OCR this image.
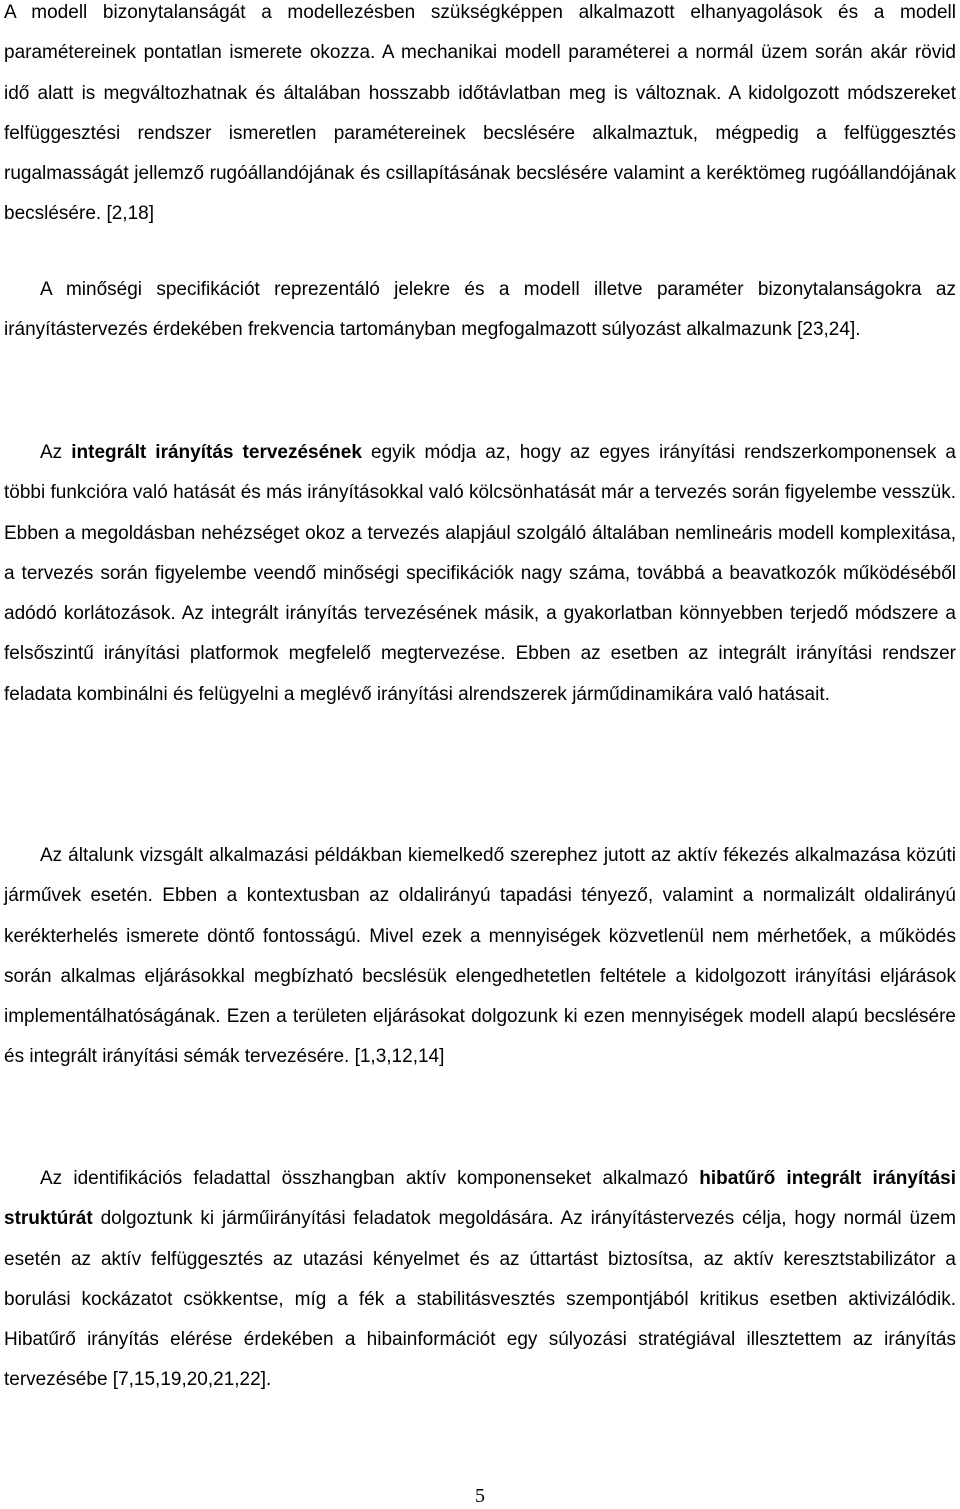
A modell bizonytalanságát a modellezésben szükségképpen alkalmazott elhanyagolások és a modell paramétereinek pontatlan ismerete okozza. A mechanikai modell paraméterei a normál üzem során akár rövid idő alatt is megváltozhatnak és általában hosszabb időtávlatban meg is változnak. A kidolgozott módszereket felfüggesztési rendszer ismeretlen paramétereinek becslésére alkalmaztuk, mégpedig a felfüggesztés rugalmasságát jellemző rugóállandójának és csillapításának becslésére valamint a keréktömeg rugóállandójának becslésére. [2,18]

A minőségi specifikációt reprezentáló jelekre és a modell illetve paraméter bizonytalanságokra az irányítástervezés érdekében frekvencia tartományban megfogalmazott súlyozást alkalmazunk [23,24].

Az integrált irányítás tervezésének egyik módja az, hogy az egyes irányítási rendszerkomponensek a többi funkcióra való hatását és más irányításokkal való kölcsönhatását már a tervezés során figyelembe vesszük. Ebben a megoldásban nehézséget okoz a tervezés alapjául szolgáló általában nemlineáris modell komplexitása, a tervezés során figyelembe veendő minőségi specifikációk nagy száma, továbbá a beavatkozók működéséből adódó korlátozások. Az integrált irányítás tervezésének másik, a gyakorlatban könnyebben terjedő módszere a felsőszintű irányítási platformok megfelelő megtervezése. Ebben az esetben az integrált irányítási rendszer feladata kombinálni és felügyelni a meglévő irányítási alrendszerek járműdinamikára való hatásait.

Az általunk vizsgált alkalmazási példákban kiemelkedő szerephez jutott az aktív fékezés alkalmazása közúti járművek esetén. Ebben a kontextusban az oldalirányú tapadási tényező, valamint a normalizált oldalirányú kerékterhelés ismerete döntő fontosságú. Mivel ezek a mennyiségek közvetlenül nem mérhetőek, a működés során alkalmas eljárásokkal megbízható becslésük elengedhetetlen feltétele a kidolgozott irányítási eljárások implementálhatóságának. Ezen a területen eljárásokat dolgozunk ki ezen mennyiségek modell alapú becslésére és integrált irányítási sémák tervezésére. [1,3,12,14]

Az identifikációs feladattal összhangban aktív komponenseket alkalmazó hibatűrő integrált irányítási struktúrát dolgoztunk ki járműirányítási feladatok megoldására. Az irányítástervezés célja, hogy normál üzem esetén az aktív felfüggesztés az utazási kényelmet és az úttartást biztosítsa, az aktív keresztstabilizátor a borulási kockázatot csökkentse, míg a fék a stabilitásvesztés szempontjából kritikus esetben aktivizálódik. Hibatűrő irányítás elérése érdekében a hibainformációt egy súlyozási stratégiával illesztettem az irányítás tervezésébe [7,15,19,20,21,22].

5
